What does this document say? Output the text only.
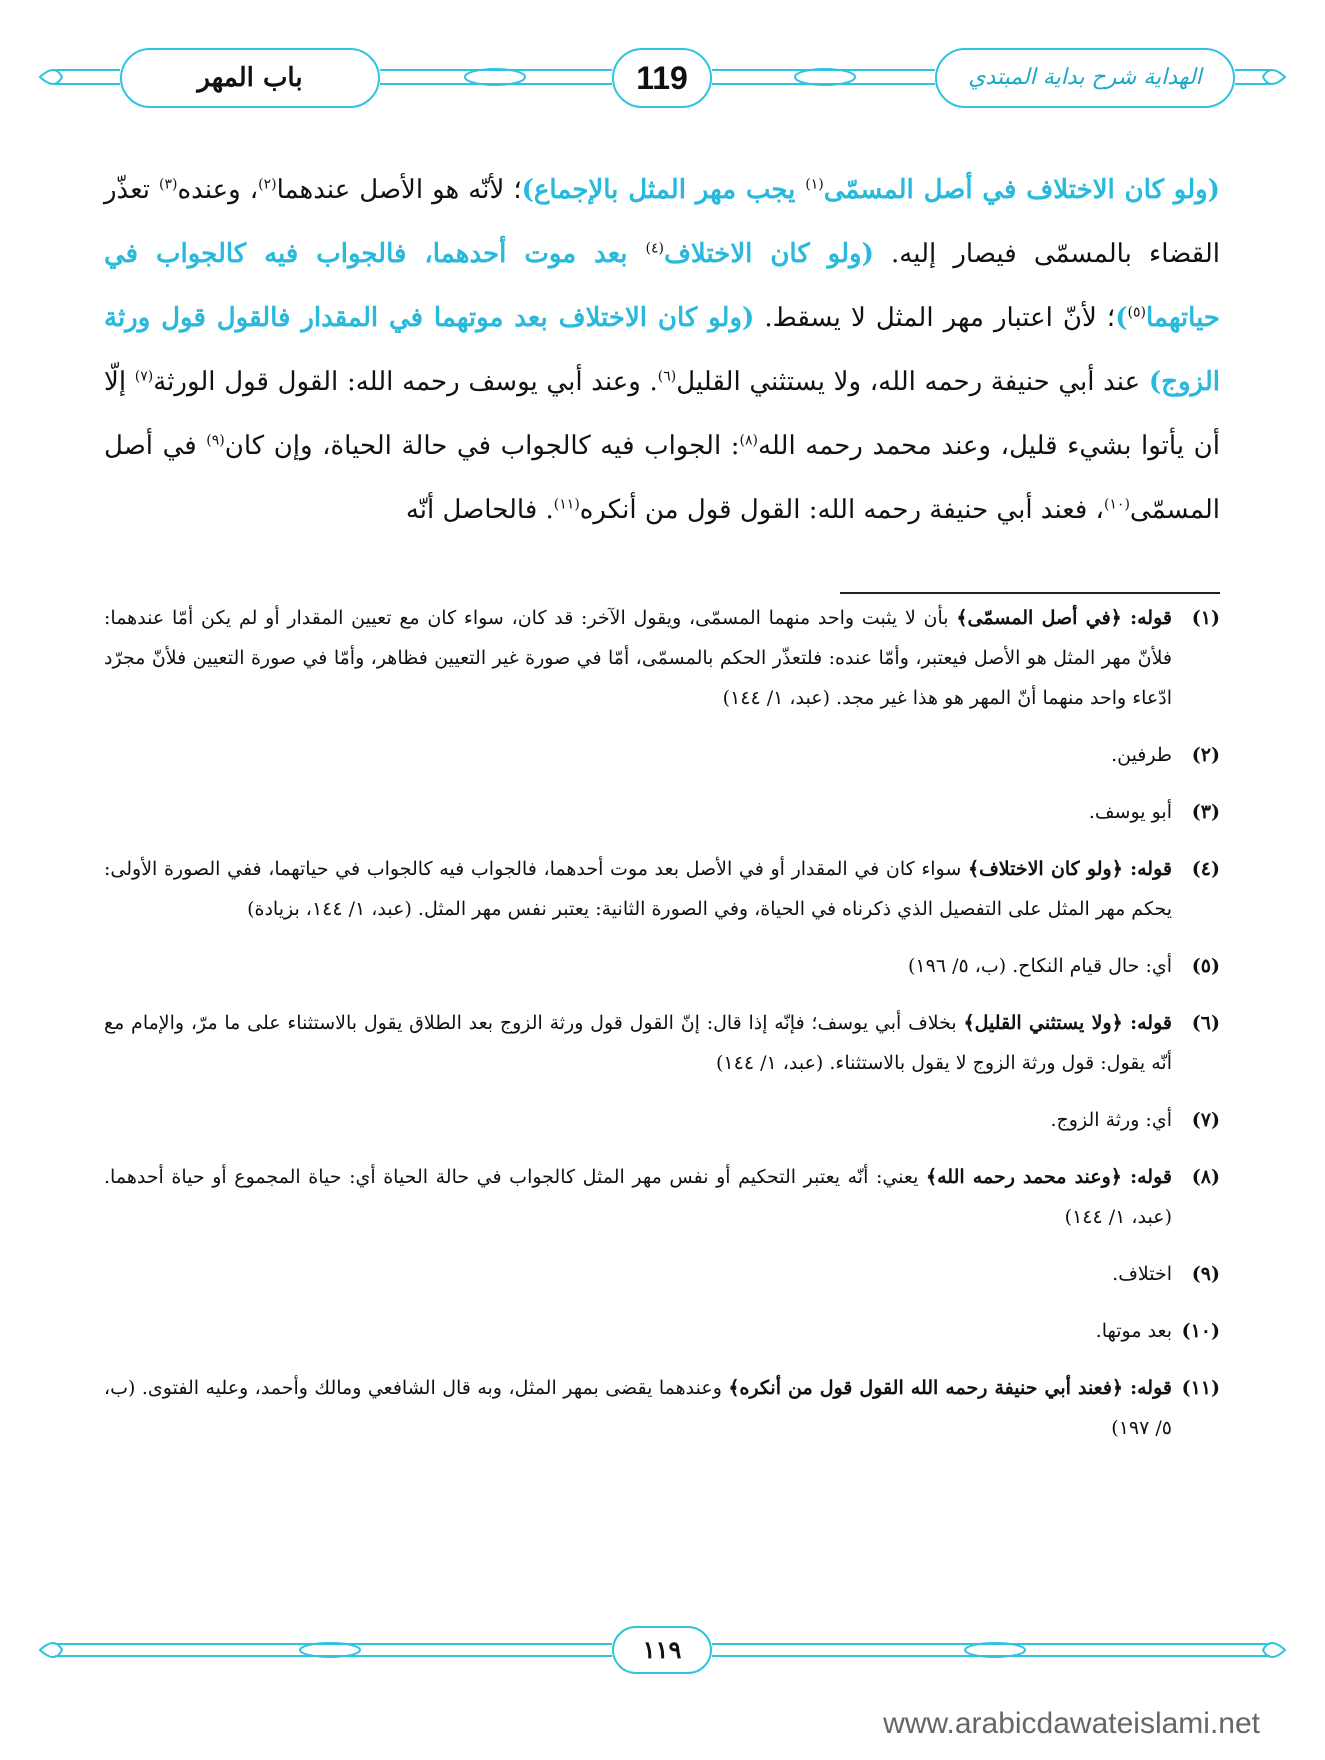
الهداية شرح بداية المبتدي
119
باب المهر

(ولو كان الاختلاف في أصل المسمّى$^{(١)}$ يجب مهر المثل بالإجماع)؛ لأنّه هو الأصل عندهما$^{(٢)}$، وعنده$^{(٣)}$ تعذّر القضاء بالمسمّى فيصار إليه. (ولو كان الاختلاف$^{(٤)}$ بعد موت أحدهما، فالجواب فيه كالجواب في حياتهما$^{(٥)}$)؛ لأنّ اعتبار مهر المثل لا يسقط. (ولو كان الاختلاف بعد موتهما في المقدار فالقول قول ورثة الزوج) عند أبي حنيفة رحمه الله، ولا يستثني القليل$^{(٦)}$. وعند أبي يوسف رحمه الله: القول قول الورثة$^{(٧)}$ إلّا أن يأتوا بشيء قليل، وعند محمد رحمه الله$^{(٨)}$: الجواب فيه كالجواب في حالة الحياة، وإن كان$^{(٩)}$ في أصل المسمّى$^{(١٠)}$، فعند أبي حنيفة رحمه الله: القول قول من أنكره$^{(١١)}$. فالحاصل أنّه

(١)
قوله: ﴿في أصل المسمّى﴾ بأن لا يثبت واحد منهما المسمّى، ويقول الآخر: قد كان، سواء كان مع تعيين المقدار أو لم يكن أمّا عندهما: فلأنّ مهر المثل هو الأصل فيعتبر، وأمّا عنده: فلتعذّر الحكم بالمسمّى، أمّا في صورة غير التعيين فظاهر، وأمّا في صورة التعيين فلأنّ مجرّد ادّعاء واحد منهما أنّ المهر هو هذا غير مجد. (عبد، ١/ ١٤٤)
(٢)
طرفين.
(٣)
أبو يوسف.
(٤)
قوله: ﴿ولو كان الاختلاف﴾ سواء كان في المقدار أو في الأصل بعد موت أحدهما، فالجواب فيه كالجواب في حياتهما، ففي الصورة الأولى: يحكم مهر المثل على التفصيل الذي ذكرناه في الحياة، وفي الصورة الثانية: يعتبر نفس مهر المثل. (عبد، ١/ ١٤٤، بزيادة)
(٥)
أي: حال قيام النكاح. (ب، ٥/ ١٩٦)
(٦)
قوله: ﴿ولا يستثني القليل﴾ بخلاف أبي يوسف؛ فإنّه إذا قال: إنّ القول قول ورثة الزوج بعد الطلاق يقول بالاستثناء على ما مرّ، والإمام مع أنّه يقول: قول ورثة الزوج لا يقول بالاستثناء. (عبد، ١/ ١٤٤)
(٧)
أي: ورثة الزوج.
(٨)
قوله: ﴿وعند محمد رحمه الله﴾ يعني: أنّه يعتبر التحكيم أو نفس مهر المثل كالجواب في حالة الحياة أي: حياة المجموع أو حياة أحدهما. (عبد، ١/ ١٤٤)
(٩)
اختلاف.
(١٠)
بعد موتها.
(١١)
قوله: ﴿فعند أبي حنيفة رحمه الله القول قول من أنكره﴾ وعندهما يقضى بمهر المثل، وبه قال الشافعي ومالك وأحمد، وعليه الفتوى. (ب، ٥/ ١٩٧)
١١٩
www.arabicdawateislami.net
